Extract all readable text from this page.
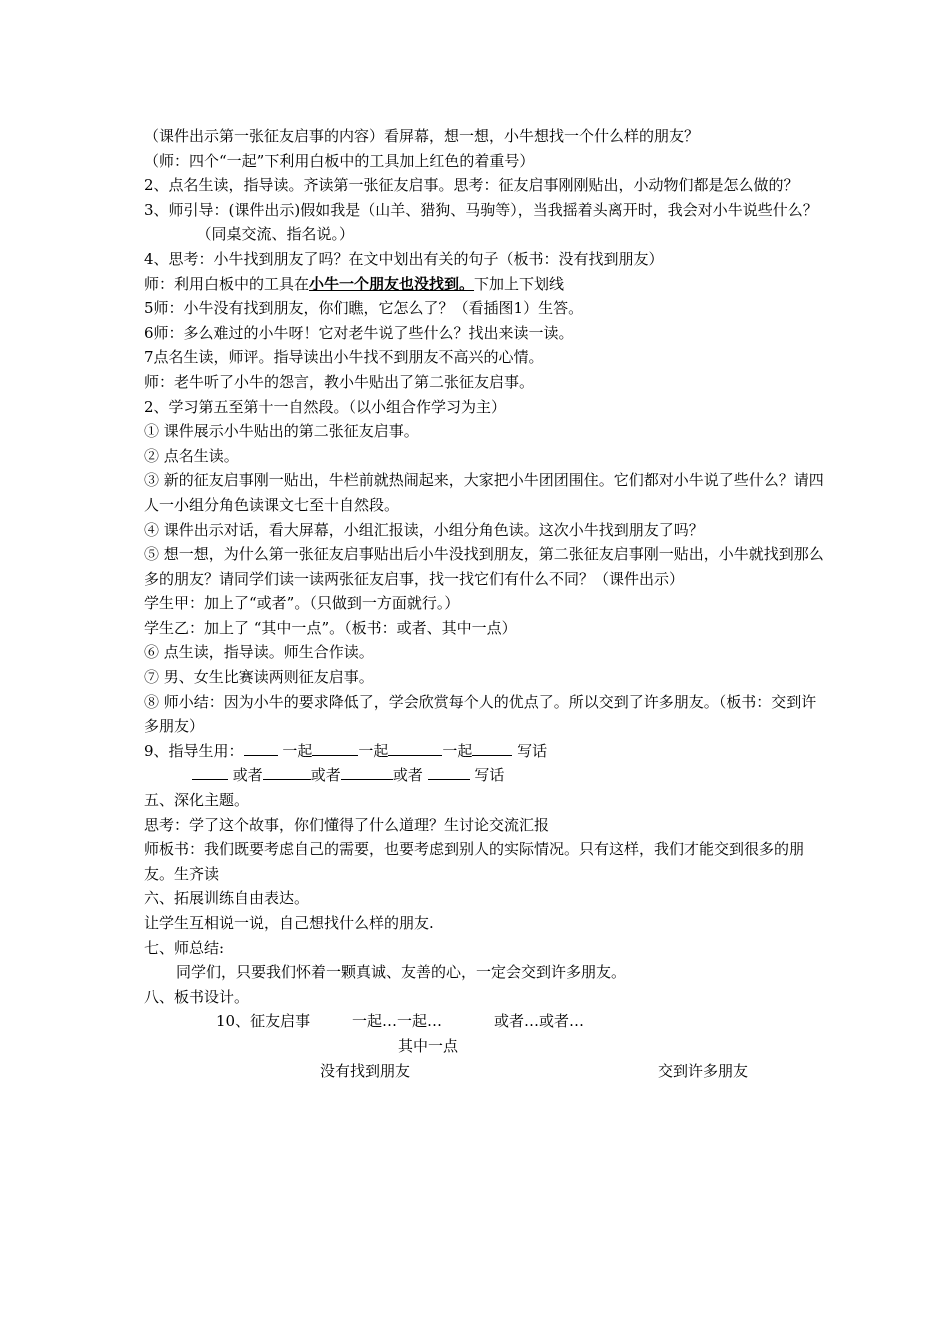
（课件出示第一张征友启事的内容）看屏幕，想一想，小牛想找一个什么样的朋友？

（师：四个“一起”下利用白板中的工具加上红色的着重号）

2、点名生读，指导读。齐读第一张征友启事。思考：征友启事刚刚贴出，小动物们都是怎么做的？

3、师引导：(课件出示)假如我是（山羊、猎狗、马驹等），当我摇着头离开时，我会对小牛说些什么？ 　　　　（同桌交流、指名说。）

4、思考：小牛找到朋友了吗？在文中划出有关的句子（板书：没有找到朋友）

师：利用白板中的工具在小牛一个朋友也没找到。下加上下划线

5师：小牛没有找到朋友，你们瞧，它怎么了？（看插图1）生答。

6师：多么难过的小牛呀！它对老牛说了些什么？找出来读一读。

7点名生读，师评。指导读出小牛找不到朋友不高兴的心情。

师：老牛听了小牛的怨言，教小牛贴出了第二张征友启事。

2、学习第五至第十一自然段。（以小组合作学习为主）

① 课件展示小牛贴出的第二张征友启事。

② 点名生读。

③ 新的征友启事刚一贴出，牛栏前就热闹起来，大家把小牛团团围住。它们都对小牛说了些什么？请四人一小组分角色读课文七至十自然段。

④ 课件出示对话，看大屏幕，小组汇报读，小组分角色读。这次小牛找到朋友了吗？

⑤ 想一想，为什么第一张征友启事贴出后小牛没找到朋友，第二张征友启事刚一贴出，小牛就找到那么多的朋友？请同学们读一读两张征友启事，找一找它们有什么不同？（课件出示）

学生甲：加上了“或者”。（只做到一方面就行。）

学生乙：加上了 “其中一点”。（板书：或者、其中一点）

⑥ 点生读，指导读。师生合作读。

⑦ 男、女生比赛读两则征友启事。

⑧ 师小结：因为小牛的要求降低了，学会欣赏每个人的优点了。所以交到了许多朋友。（板书：交到许多朋友）

9、指导生用：	一起	一起	一起	写话

或者	或者	或者	写话

五、深化主题。

思考：学了这个故事，你们懂得了什么道理？生讨论交流汇报

师板书：我们既要考虑自己的需要，也要考虑到别人的实际情况。只有这样，我们才能交到很多的朋友。生齐读

六、拓展训练自由表达。

让学生互相说一说，自己想找什么样的朋友.

七、师总结:

同学们，只要我们怀着一颗真诚、友善的心，一定会交到许多朋友。

八、板书设计。

10、征友启事	一起…一起…	或者…或者…
其中一点
没有找到朋友	交到许多朋友
